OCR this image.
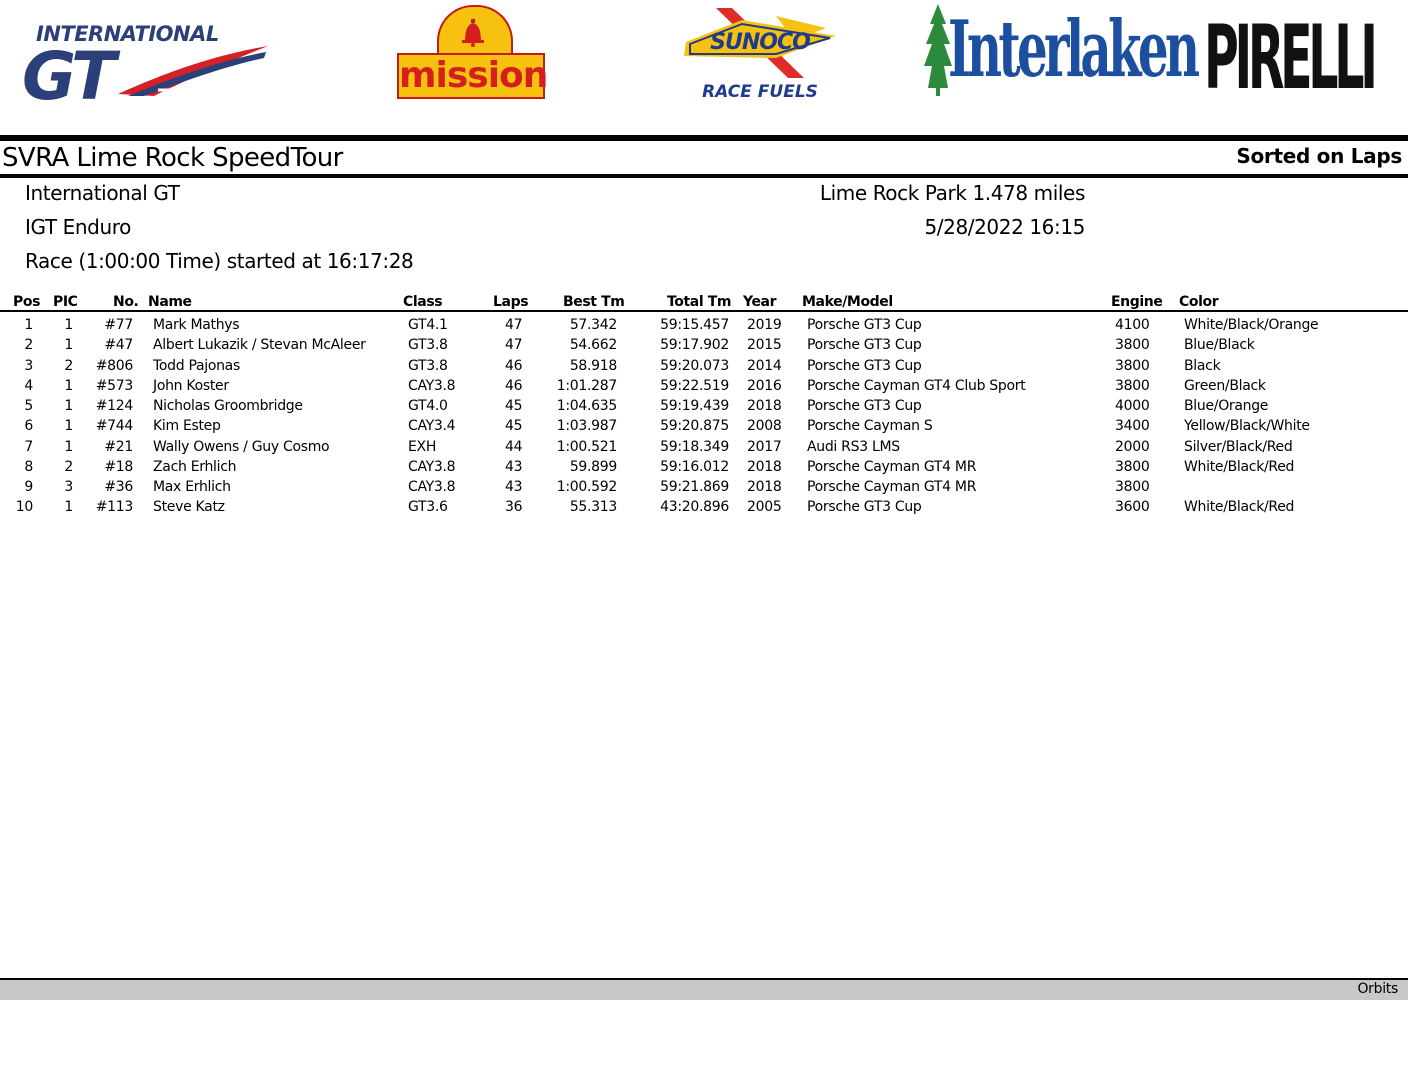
INTERNATIONAL
GT	mission
SUNOCO
RACE FUELS Interlaken PIRELLI
SVRA Lime Rock SpeedTour	Sorted on Laps
International GT
IGT Enduro
Race (1:00:00 Time) started at 16:17:28
Lime Rock Park 1.478 miles
5/28/2022 16:15
Pos PIC	No. Name	Class	Laps Best Tm	Total Tm Year Make/Model	Engine Color
1 1 #77 Mark Mathys	GT4.1	47	57.342	59:15.457 2019 Porsche GT3 Cup	4100 White/Black/Orange
2 1 #47 Albert Lukazik / Stevan McAleer	GT3.8	47	54.662	59:17.902 2015 Porsche GT3 Cup	3800 Blue/Black
3 2 #806 Todd Pajonas	GT3.8	46	58.918	59:20.073 2014 Porsche GT3 Cup	3800 Black
4 1 #573 John Koster	CAY3.8	46 1:01.287	59:22.519 2016 Porsche Cayman GT4 Club Sport	3800 Green/Black
5 1 #124 Nicholas Groombridge	GT4.0	45 1:04.635	59:19.439 2018 Porsche GT3 Cup	4000 Blue/Orange
6 1 #744 Kim Estep	CAY3.4	45 1:03.987	59:20.875 2008 Porsche Cayman S	3400 Yellow/Black/White
7 1 #21 Wally Owens / Guy Cosmo	EXH	44 1:00.521	59:18.349 2017 Audi RS3 LMS	2000 Silver/Black/Red
8 2 #18 Zach Erhlich	CAY3.8	43	59.899	59:16.012 2018 Porsche Cayman GT4 MR	3800 White/Black/Red
9 3 #36 Max Erhlich	CAY3.8	43 1:00.592	59:21.869 2018 Porsche Cayman GT4 MR	3800
10 1 #113 Steve Katz	GT3.6	36	55.313	43:20.896 2005 Porsche GT3 Cup	3600 White/Black/Red
Orbits
